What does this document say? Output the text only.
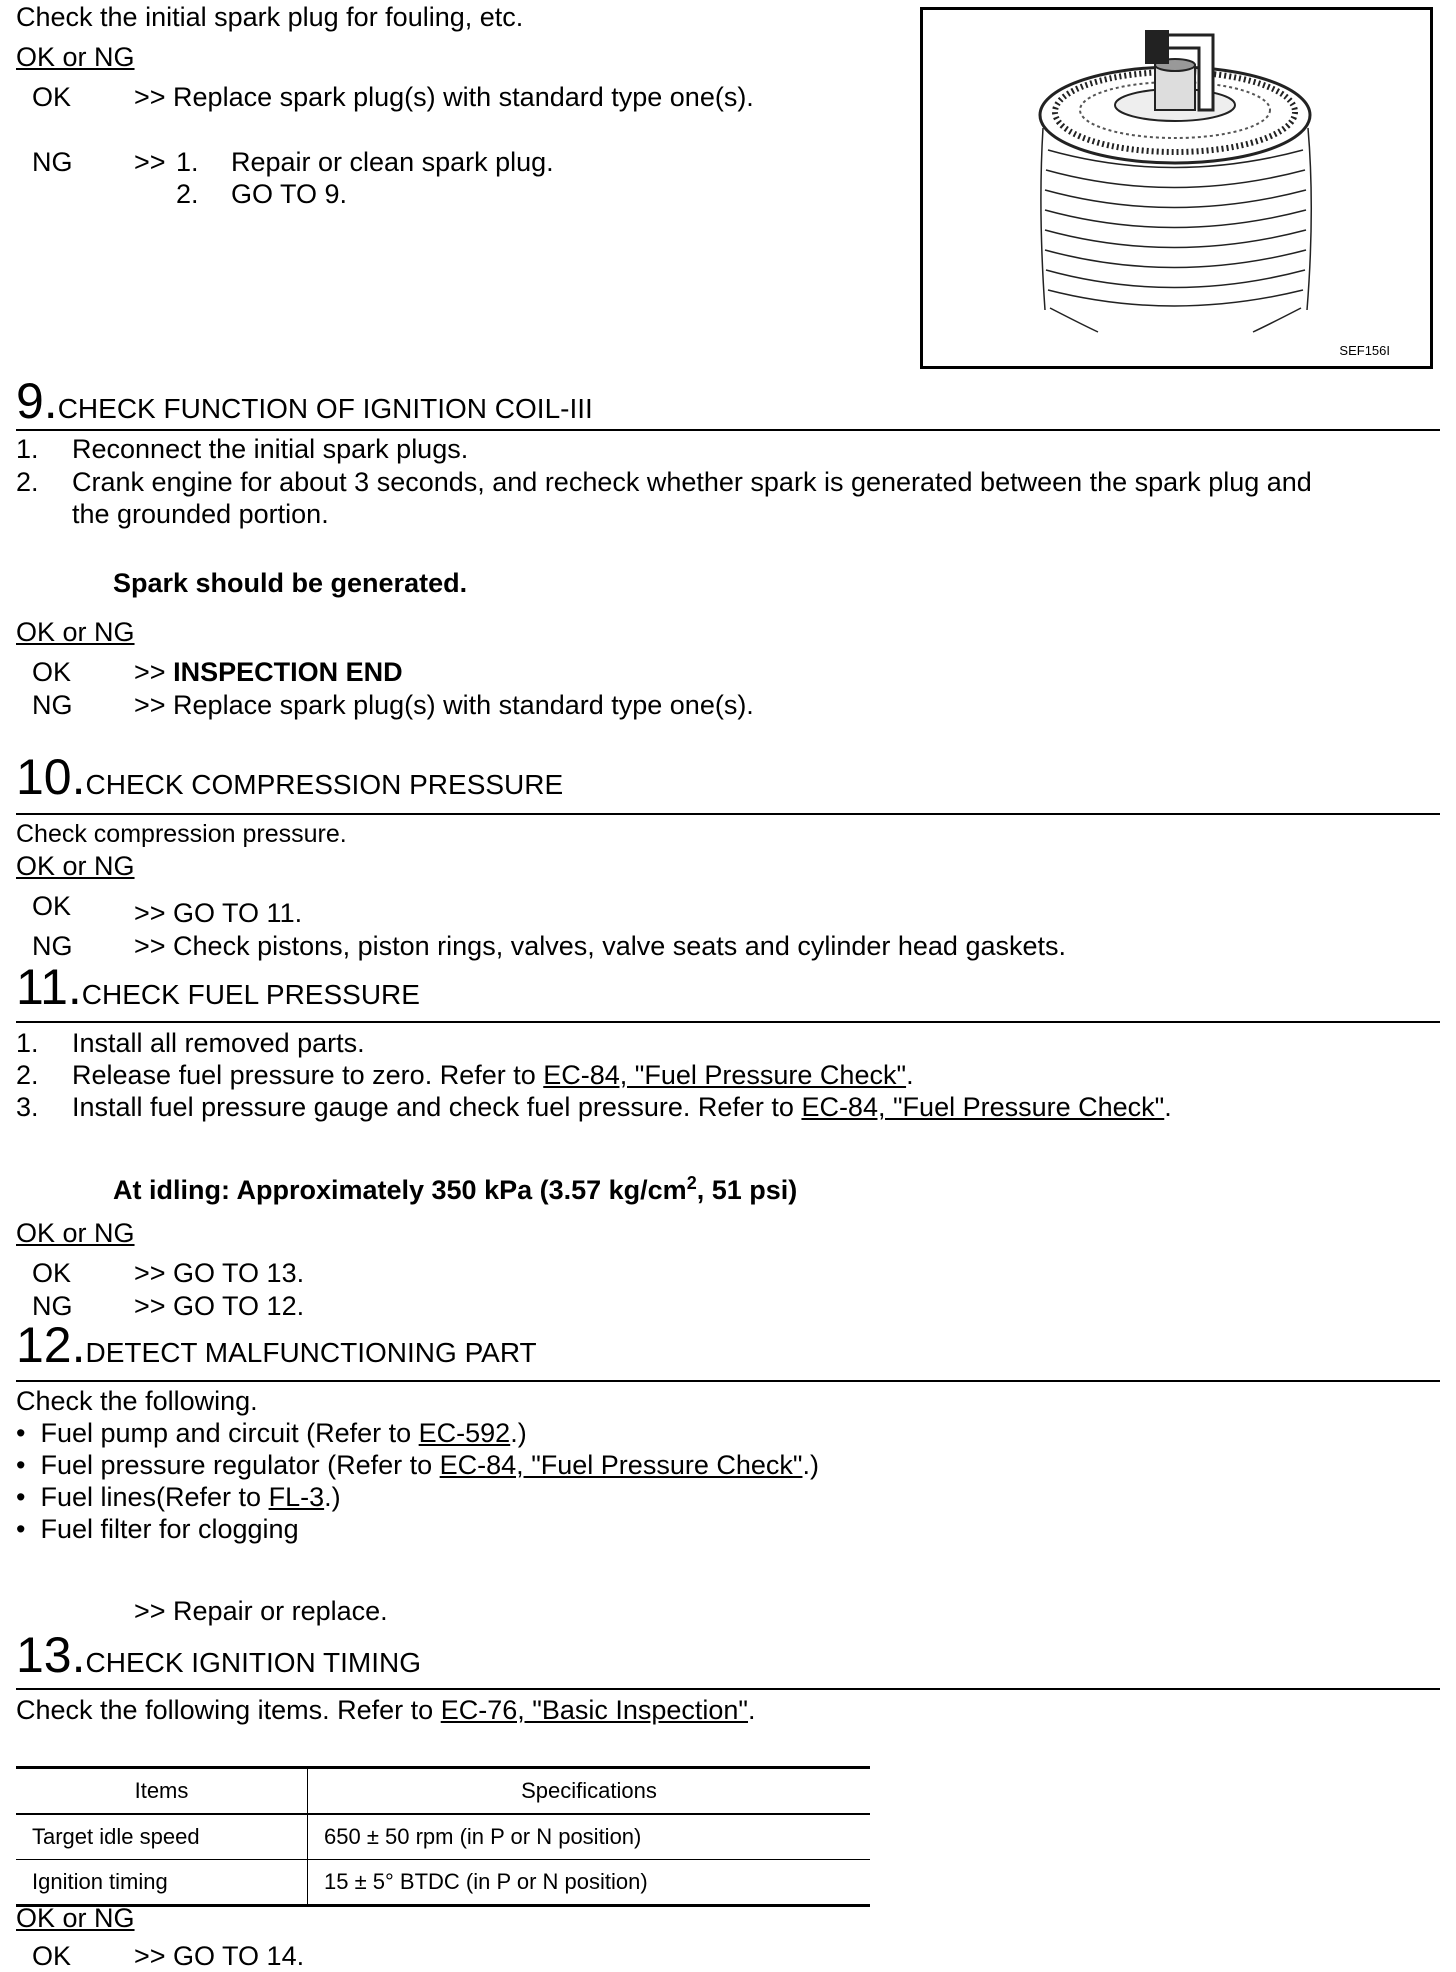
Check the initial spark plug for fouling, etc.
OK or NG
OK >> Replace spark plug(s) with standard type one(s).
NG >> 1. Repair or clean spark plug.
2. GO TO 9.
SEF156I
9. CHECK FUNCTION OF IGNITION COIL-III
1. Reconnect the initial spark plugs.
2. Crank engine for about 3 seconds, and recheck whether spark is generated between the spark plug and
the grounded portion.
Spark should be generated.
OK or NG
OK >> INSPECTION END
NG >> Replace spark plug(s) with standard type one(s).
10. CHECK COMPRESSION PRESSURE
Check compression pressure.
OK or NG
OK >> GO TO 11.
NG >> Check pistons, piston rings, valves, valve seats and cylinder head gaskets.
11. CHECK FUEL PRESSURE
1. Install all removed parts.
2. Release fuel pressure to zero. Refer to EC-84, "Fuel Pressure Check".
3. Install fuel pressure gauge and check fuel pressure. Refer to EC-84, "Fuel Pressure Check".
At idling: Approximately 350 kPa (3.57 $kg/cm^2$, 51 psi)
OK or NG
OK >> GO TO 13.
NG >> GO TO 12.
12. DETECT MALFUNCTIONING PART
Check the following.
• Fuel pump and circuit (Refer to EC-592.)
• Fuel pressure regulator (Refer to EC-84, "Fuel Pressure Check".)
• Fuel lines(Refer to FL-3.)
• Fuel filter for clogging
>> Repair or replace.
13. CHECK IGNITION TIMING
Check the following items. Refer to EC-76, "Basic Inspection".
Items	Specifications
Target idle speed	650 ± 50 rpm (in P or N position)
Ignition timing	15 ± 5° BTDC (in P or N position)
OK or NG
OK >> GO TO 14.
